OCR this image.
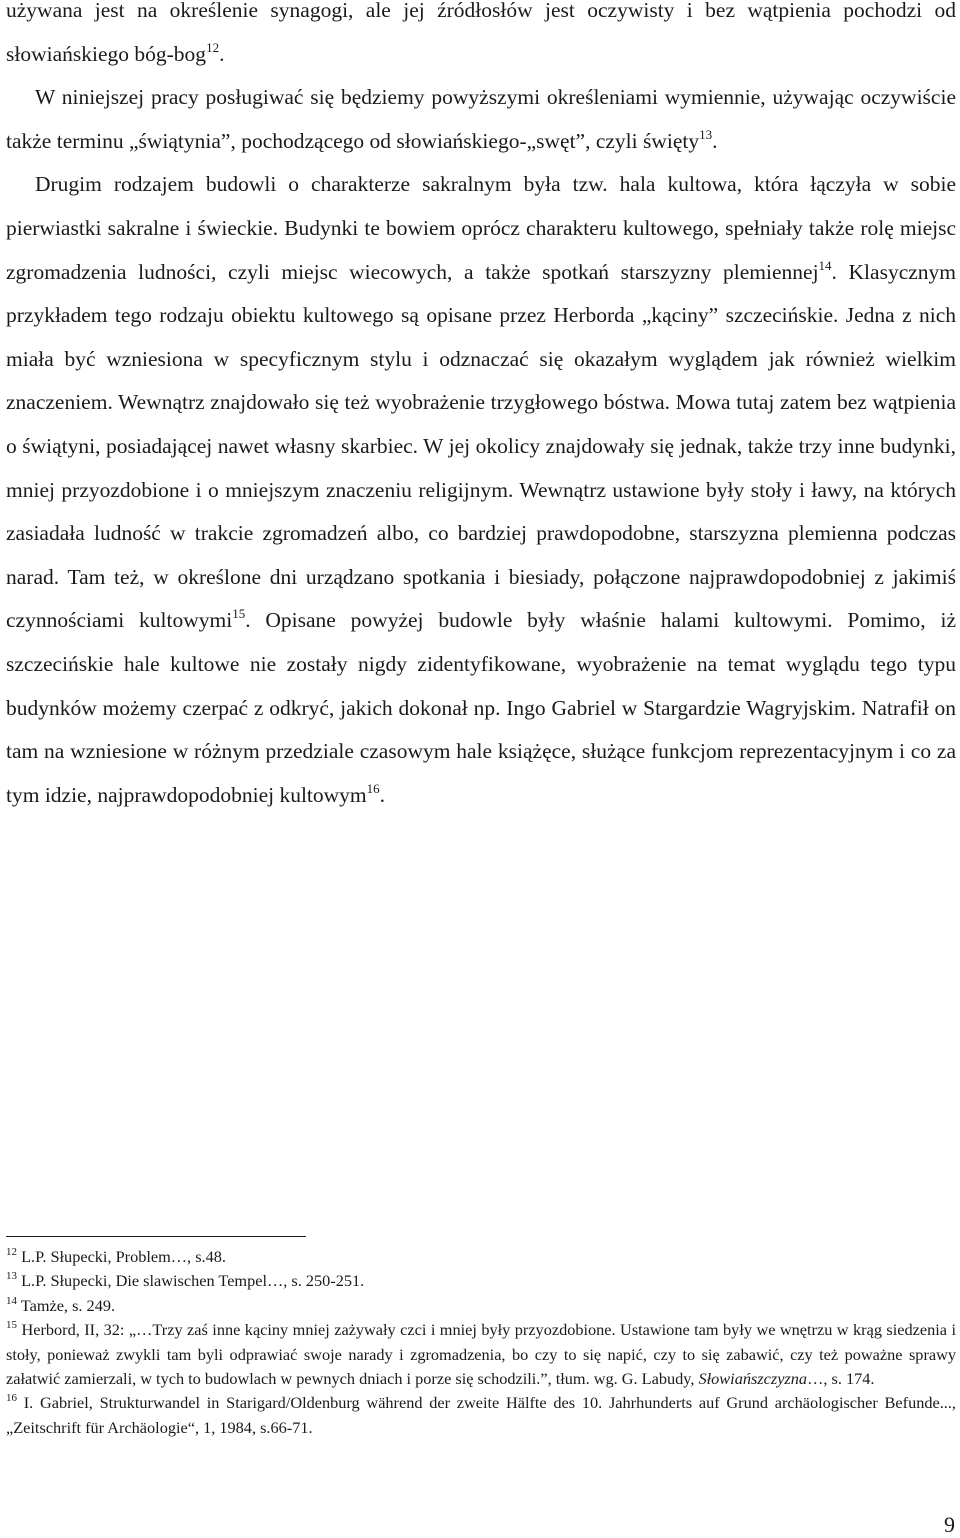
używana jest na określenie synagogi, ale jej źródłosłów jest oczywisty i bez wątpienia pochodzi od słowiańskiego bóg-bog$^{12}$.

W niniejszej pracy posługiwać się będziemy powyższymi określeniami wymiennie, używając oczywiście także terminu „świątynia”, pochodzącego od słowiańskiego-„swęt”, czyli święty$^{13}$.

Drugim rodzajem budowli o charakterze sakralnym była tzw. hala kultowa, która łączyła w sobie pierwiastki sakralne i świeckie. Budynki te bowiem oprócz charakteru kultowego, spełniały także rolę miejsc zgromadzenia ludności, czyli miejsc wiecowych, a także spotkań starszyzny plemiennej$^{14}$. Klasycznym przykładem tego rodzaju obiektu kultowego są opisane przez Herborda „kąciny” szczecińskie. Jedna z nich miała być wzniesiona w specyficznym stylu i odznaczać się okazałym wyglądem jak również wielkim znaczeniem. Wewnątrz znajdowało się też wyobrażenie trzygłowego bóstwa. Mowa tutaj zatem bez wątpienia o świątyni, posiadającej nawet własny skarbiec. W jej okolicy znajdowały się jednak, także trzy inne budynki, mniej przyozdobione i o mniejszym znaczeniu religijnym. Wewnątrz ustawione były stoły i ławy, na których zasiadała ludność w trakcie zgromadzeń albo, co bardziej prawdopodobne, starszyzna plemienna podczas narad. Tam też, w określone dni urządzano spotkania i biesiady, połączone najprawdopodobniej z jakimiś czynnościami kultowymi$^{15}$. Opisane powyżej budowle były właśnie halami kultowymi. Pomimo, iż szczecińskie hale kultowe nie zostały nigdy zidentyfikowane, wyobrażenie na temat wyglądu tego typu budynków możemy czerpać z odkryć, jakich dokonał np. Ingo Gabriel w Stargardzie Wagryjskim. Natrafił on tam na wzniesione w różnym przedziale czasowym hale książęce, służące funkcjom reprezentacyjnym i co za tym idzie, najprawdopodobniej kultowym$^{16}$.

$^{12}$ L.P. Słupecki, Problem…, s.48.

$^{13}$ L.P. Słupecki, Die slawischen Tempel…, s. 250-251.

$^{14}$ Tamże, s. 249.

$^{15}$ Herbord, II, 32: „…Trzy zaś inne kąciny mniej zażywały czci i mniej były przyozdobione. Ustawione tam były we wnętrzu w krąg siedzenia i stoły, ponieważ zwykli tam byli odprawiać swoje narady i zgromadzenia, bo czy to się napić, czy to się zabawić, czy też poważne sprawy załatwić zamierzali, w tych to budowlach w pewnych dniach i porze się schodzili.”, tłum. wg. G. Labudy, Słowiańszczyzna…, s. 174.

$^{16}$ I. Gabriel, Strukturwandel in Starigard/Oldenburg während der zweite Hälfte des 10. Jahrhunderts auf Grund archäologischer Befunde..., „Zeitschrift für Archäologie“, 1, 1984, s.66-71.

9
